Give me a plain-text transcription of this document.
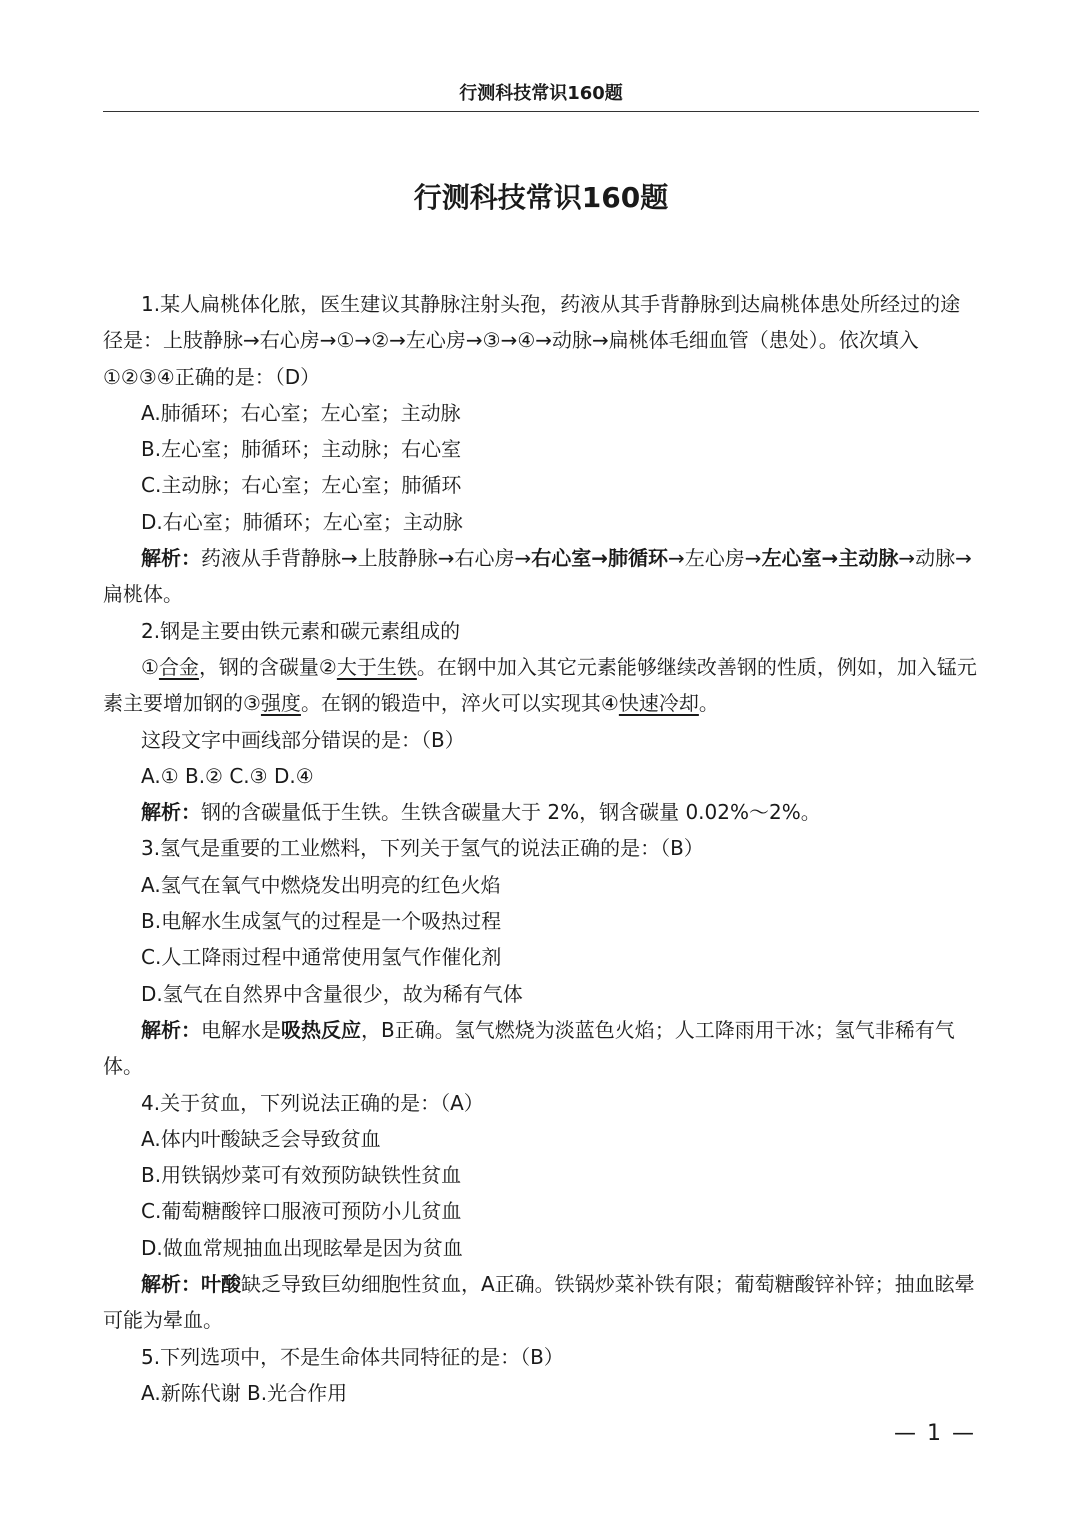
行测科技常识160题
行测科技常识160题

1.某人扁桃体化脓，医生建议其静脉注射头孢，药液从其手背静脉到达扁桃体患处所经过的途径是：上肢静脉→右心房→①→②→左心房→③→④→动脉→扁桃体毛细血管（患处）。依次填入①②③④正确的是：（D）

A.肺循环；右心室；左心室；主动脉

B.左心室；肺循环；主动脉；右心室

C.主动脉；右心室；左心室；肺循环

D.右心室；肺循环；左心室；主动脉

解析：药液从手背静脉→上肢静脉→右心房→右心室→肺循环→左心房→左心室→主动脉→动脉→扁桃体。

2.钢是主要由铁元素和碳元素组成的

①合金，钢的含碳量②大于生铁。在钢中加入其它元素能够继续改善钢的性质，例如，加入锰元素主要增加钢的③强度。在钢的锻造中，淬火可以实现其④快速冷却。

这段文字中画线部分错误的是：（B）

A.① B.② C.③ D.④

解析：钢的含碳量低于生铁。生铁含碳量大于 2%，钢含碳量 0.02%～2%。

3.氢气是重要的工业燃料，下列关于氢气的说法正确的是：（B）

A.氢气在氧气中燃烧发出明亮的红色火焰

B.电解水生成氢气的过程是一个吸热过程

C.人工降雨过程中通常使用氢气作催化剂

D.氢气在自然界中含量很少，故为稀有气体

解析：电解水是吸热反应，B正确。氢气燃烧为淡蓝色火焰；人工降雨用干冰；氢气非稀有气体。

4.关于贫血，下列说法正确的是：（A）

A.体内叶酸缺乏会导致贫血

B.用铁锅炒菜可有效预防缺铁性贫血

C.葡萄糖酸锌口服液可预防小儿贫血

D.做血常规抽血出现眩晕是因为贫血

解析：叶酸缺乏导致巨幼细胞性贫血，A正确。铁锅炒菜补铁有限；葡萄糖酸锌补锌；抽血眩晕可能为晕血。

5.下列选项中，不是生命体共同特征的是：（B）

A.新陈代谢 B.光合作用

— 1 —
